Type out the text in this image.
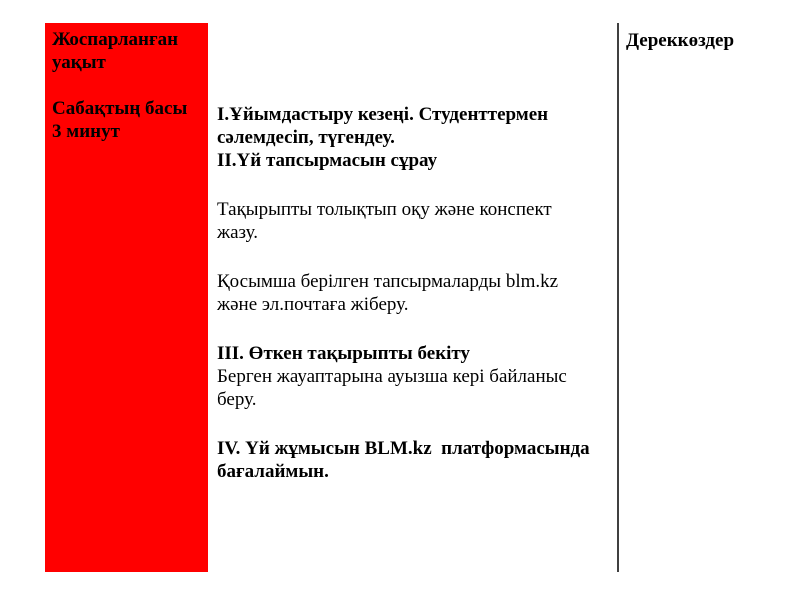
Жоспарланған
уақыт
Сабақтың басы
3 минут
I.Ұйымдастыру кезеңі. Студенттермен
сәлемдесіп, түгендеу.
II.Үй тапсырмасын сұрау
Тақырыпты толықтып оқу және конспект
жазу.
Қосымша берілген тапсырмаларды blm.kz
және эл.почтаға жіберу.
III. Өткен тақырыпты бекіту
Берген жауаптарына ауызша кері байланыс
беру.
IV. Үй жұмысын BLM.kz  платформасында
бағалаймын.
Дереккөздер
